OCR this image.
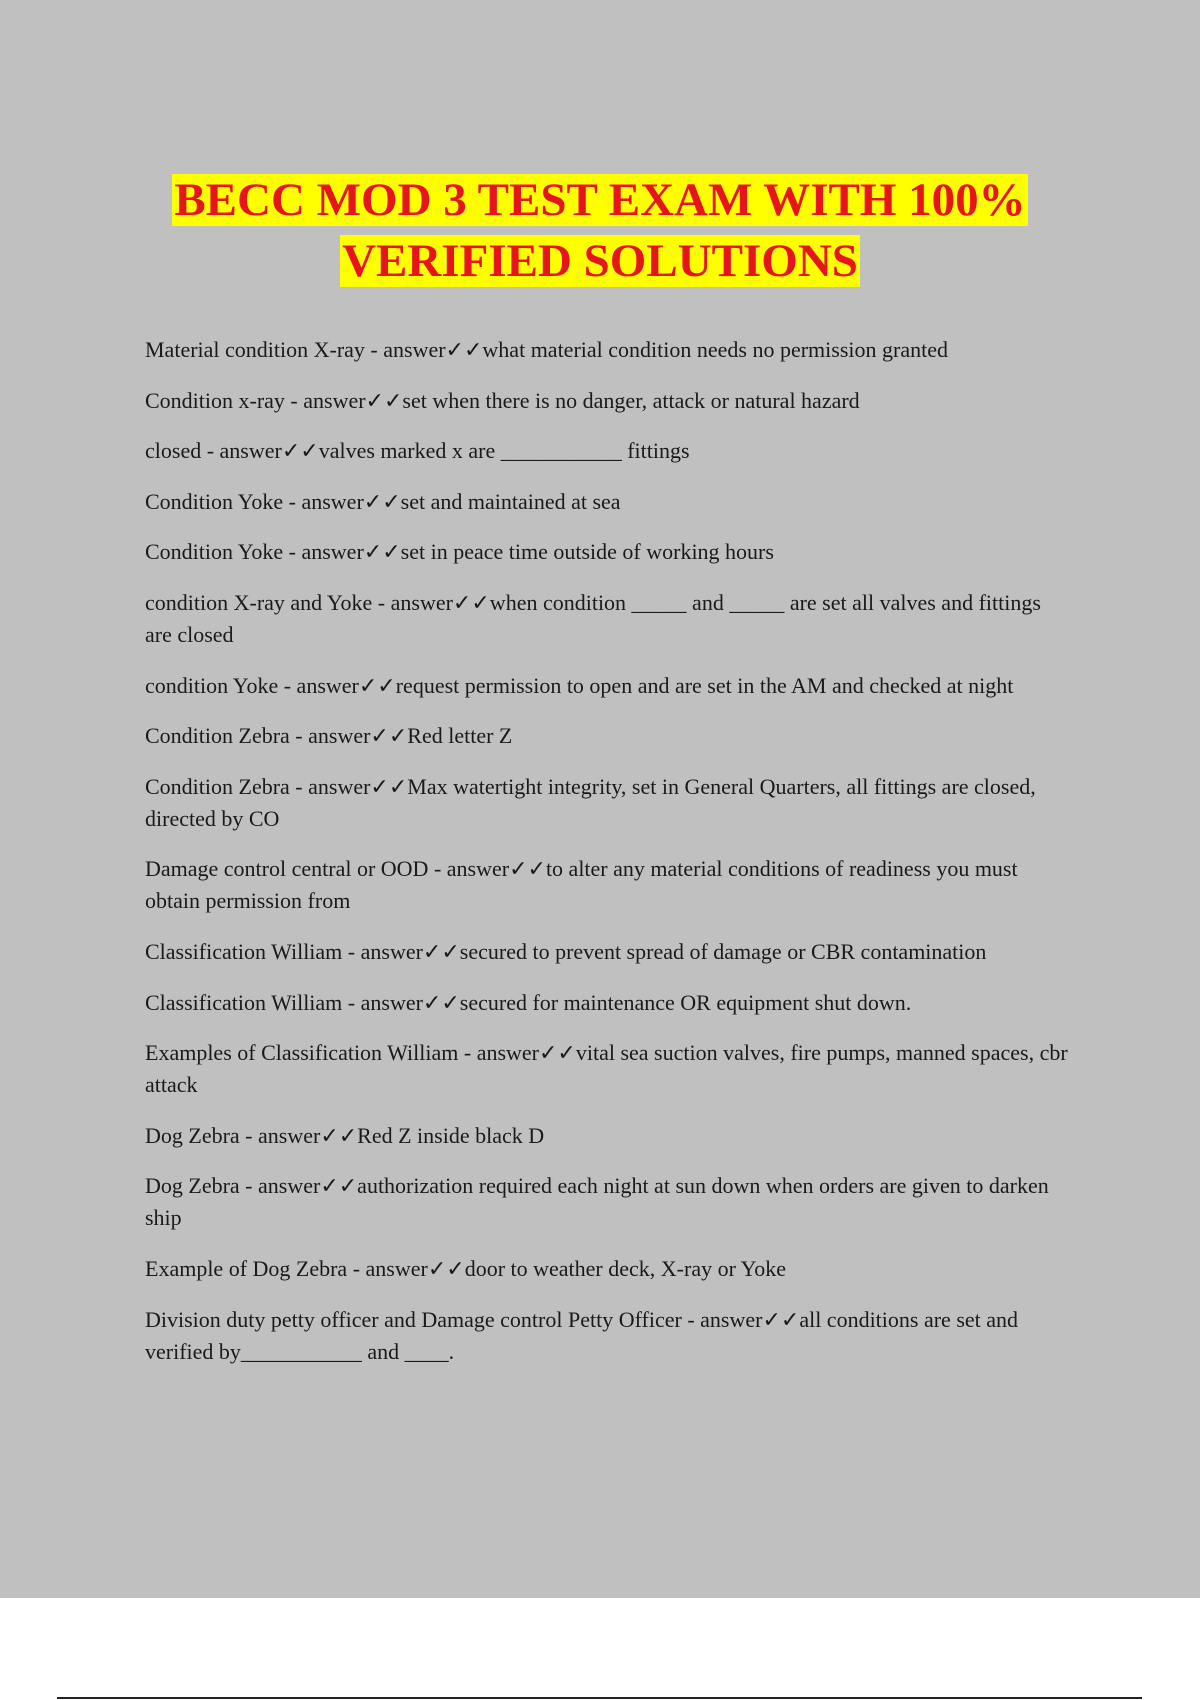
BECC MOD 3 TEST EXAM WITH 100%
VERIFIED SOLUTIONS
Material condition X-ray - answer✓✓what material condition needs no permission granted
Condition x-ray - answer✓✓set when there is no danger, attack or natural hazard
closed - answer✓✓valves marked x are ___________ fittings
Condition Yoke - answer✓✓set and maintained at sea
Condition Yoke - answer✓✓set in peace time outside of working hours
condition X-ray and Yoke - answer✓✓when condition _____ and _____ are set all valves and fittings are closed
condition Yoke - answer✓✓request permission to open and are set in the AM and checked at night
Condition Zebra - answer✓✓Red letter Z
Condition Zebra - answer✓✓Max watertight integrity, set in General Quarters, all fittings are closed, directed by CO
Damage control central or OOD - answer✓✓to alter any material conditions of readiness you must obtain permission from
Classification William - answer✓✓secured to prevent spread of damage or CBR contamination
Classification William - answer✓✓secured for maintenance OR equipment shut down.
Examples of Classification William - answer✓✓vital sea suction valves, fire pumps, manned spaces, cbr attack
Dog Zebra - answer✓✓Red Z inside black D
Dog Zebra - answer✓✓authorization required each night at sun down when orders are given to darken ship
Example of Dog Zebra - answer✓✓door to weather deck, X-ray or Yoke
Division duty petty officer and Damage control Petty Officer - answer✓✓all conditions are set and verified by___________ and ____.
